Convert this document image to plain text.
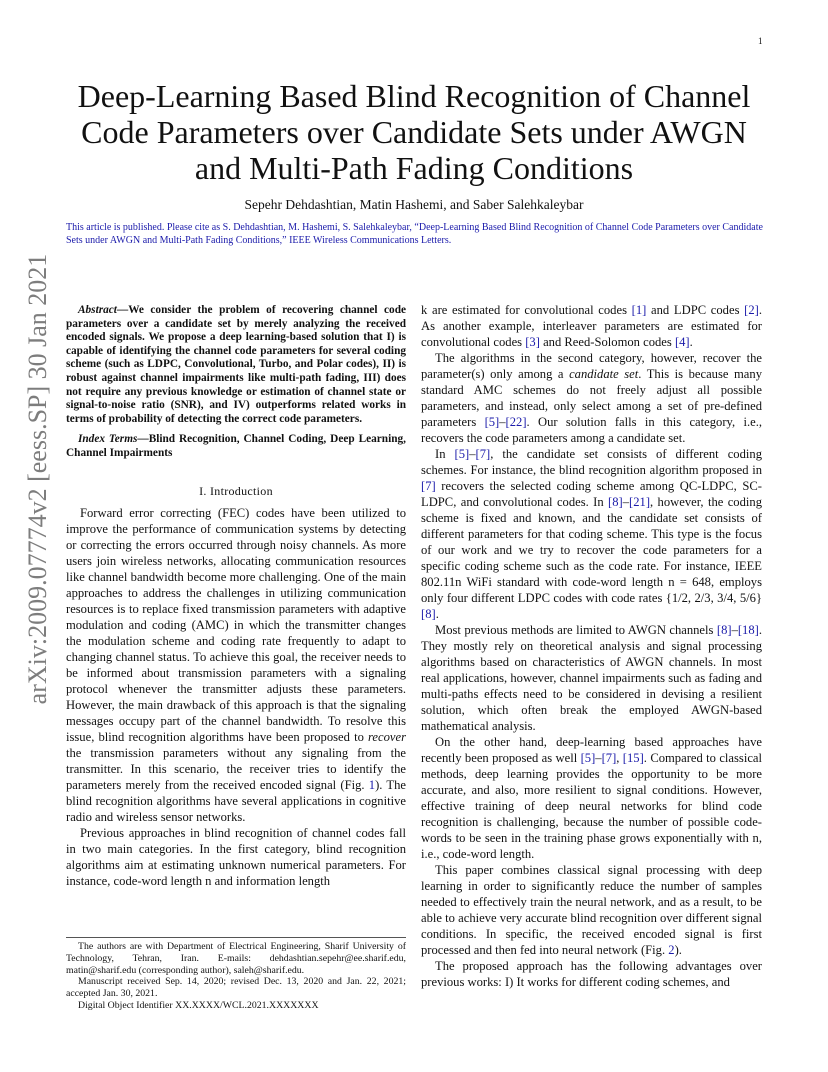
1
Deep-Learning Based Blind Recognition of Channel
Code Parameters over Candidate Sets under AWGN
and Multi-Path Fading Conditions
Sepehr Dehdashtian, Matin Hashemi, and Saber Salehkaleybar
This article is published. Please cite as S. Dehdashtian, M. Hashemi, S. Salehkaleybar, “Deep-Learning Based Blind Recognition of Channel Code Parameters over Candidate Sets under AWGN and Multi-Path Fading Conditions,” IEEE Wireless Communications Letters.
arXiv:2009.07774v2 [eess.SP] 30 Jan 2021	Abstract—We consider the problem of recovering channel code parameters over a candidate set by merely analyzing the received encoded signals. We propose a deep learning-based solution that I) is capable of identifying the channel code parameters for several coding scheme (such as LDPC, Convolutional, Turbo, and Polar codes), II) is robust against channel impairments like multi-path fading, III) does not require any previous knowledge or estimation of channel state or signal-to-noise ratio (SNR), and IV) outperforms related works in terms of probability of detecting the correct code parameters.

Index Terms—Blind Recognition, Channel Coding, Deep Learning, Channel Impairments

I. Introduction

Forward error correcting (FEC) codes have been utilized to improve the performance of communication systems by detecting or correcting the errors occurred through noisy channels. As more users join wireless networks, allocating communication resources like channel bandwidth become more challenging. One of the main approaches to address the challenges in utilizing communication resources is to replace fixed transmission parameters with adaptive modulation and coding (AMC) in which the transmitter changes the modulation scheme and coding rate frequently to adapt to changing channel status. To achieve this goal, the receiver needs to be informed about transmission parameters with a signaling protocol whenever the transmitter adjusts these parameters. However, the main drawback of this approach is that the signaling messages occupy part of the channel bandwidth. To resolve this issue, blind recognition algorithms have been proposed to recover the transmission parameters without any signaling from the transmitter. In this scenario, the receiver tries to identify the parameters merely from the received encoded signal (Fig. 1). The blind recognition algorithms have several applications in cognitive radio and wireless sensor networks.

Previous approaches in blind recognition of channel codes fall in two main categories. In the first category, blind recognition algorithms aim at estimating unknown numerical parameters. For instance, code-word length n and information length

The authors are with Department of Electrical Engineering, Sharif University of Technology, Tehran, Iran. E-mails: dehdashtian.sepehr@ee.sharif.edu, matin@sharif.edu (corresponding author), saleh@sharif.edu.

Manuscript received Sep. 14, 2020; revised Dec. 13, 2020 and Jan. 22, 2021; accepted Jan. 30, 2021.

Digital Object Identifier XX.XXXX/WCL.2021.XXXXXXX

k are estimated for convolutional codes [1] and LDPC codes [2]. As another example, interleaver parameters are estimated for convolutional codes [3] and Reed-Solomon codes [4].

The algorithms in the second category, however, recover the parameter(s) only among a candidate set. This is because many standard AMC schemes do not freely adjust all possible parameters, and instead, only select among a set of pre-defined parameters [5]–[22]. Our solution falls in this category, i.e., recovers the code parameters among a candidate set.

In [5]–[7], the candidate set consists of different coding schemes. For instance, the blind recognition algorithm proposed in [7] recovers the selected coding scheme among QC-LDPC, SC-LDPC, and convolutional codes. In [8]–[21], however, the coding scheme is fixed and known, and the candidate set consists of different parameters for that coding scheme. This type is the focus of our work and we try to recover the code parameters for a specific coding scheme such as the code rate. For instance, IEEE 802.11n WiFi standard with code-word length n = 648, employs only four different LDPC codes with code rates {1/2, 2/3, 3/4, 5/6} [8].

Most previous methods are limited to AWGN channels [8]–[18]. They mostly rely on theoretical analysis and signal processing algorithms based on characteristics of AWGN channels. In most real applications, however, channel impairments such as fading and multi-paths effects need to be considered in devising a resilient solution, which often break the employed AWGN-based mathematical analysis.

On the other hand, deep-learning based approaches have recently been proposed as well [5]–[7], [15]. Compared to classical methods, deep learning provides the opportunity to be more accurate, and also, more resilient to signal conditions. However, effective training of deep neural networks for blind code recognition is challenging, because the number of possible code-words to be seen in the training phase grows exponentially with n, i.e., code-word length.

This paper combines classical signal processing with deep learning in order to significantly reduce the number of samples needed to effectively train the neural network, and as a result, to be able to achieve very accurate blind recognition over different signal conditions. In specific, the received encoded signal is first processed and then fed into neural network (Fig. 2).

The proposed approach has the following advantages over previous works: I) It works for different coding schemes, and
